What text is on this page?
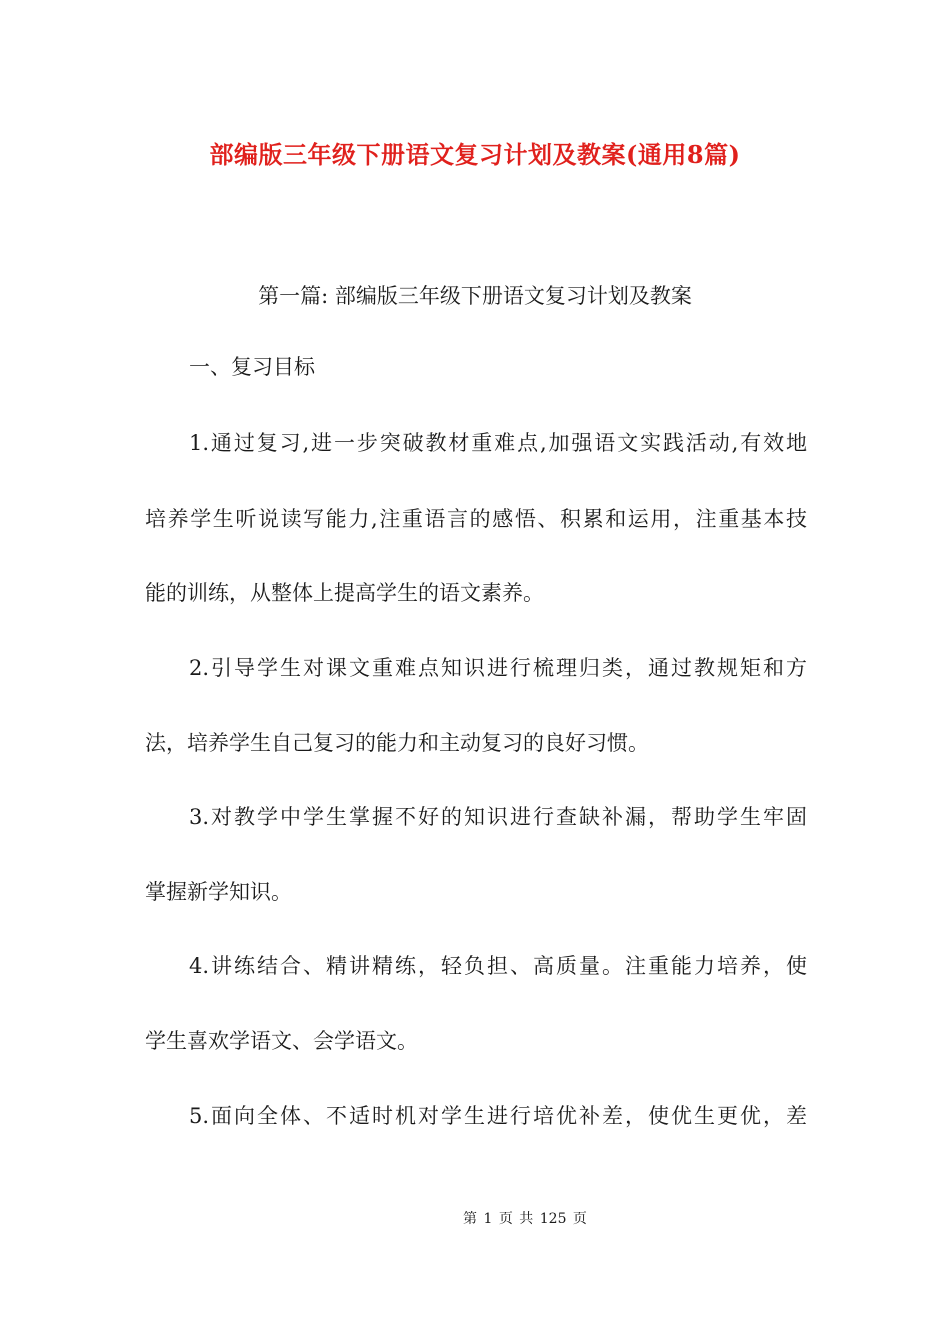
部编版三年级下册语文复习计划及教案(通用8篇)
第一篇: 部编版三年级下册语文复习计划及教案
一、复习目标
1.通过复习,进一步突破教材重难点,加强语文实践活动,有效地
培养学生听说读写能力,注重语言的感悟、积累和运用，注重基本技
能的训练，从整体上提高学生的语文素养。
2.引导学生对课文重难点知识进行梳理归类，通过教规矩和方
法，培养学生自己复习的能力和主动复习的良好习惯。
3.对教学中学生掌握不好的知识进行查缺补漏，帮助学生牢固
掌握新学知识。
4.讲练结合、精讲精练，轻负担、高质量。注重能力培养，使
学生喜欢学语文、会学语文。
5.面向全体、不适时机对学生进行培优补差，使优生更优，差
第 1 页 共 125 页
